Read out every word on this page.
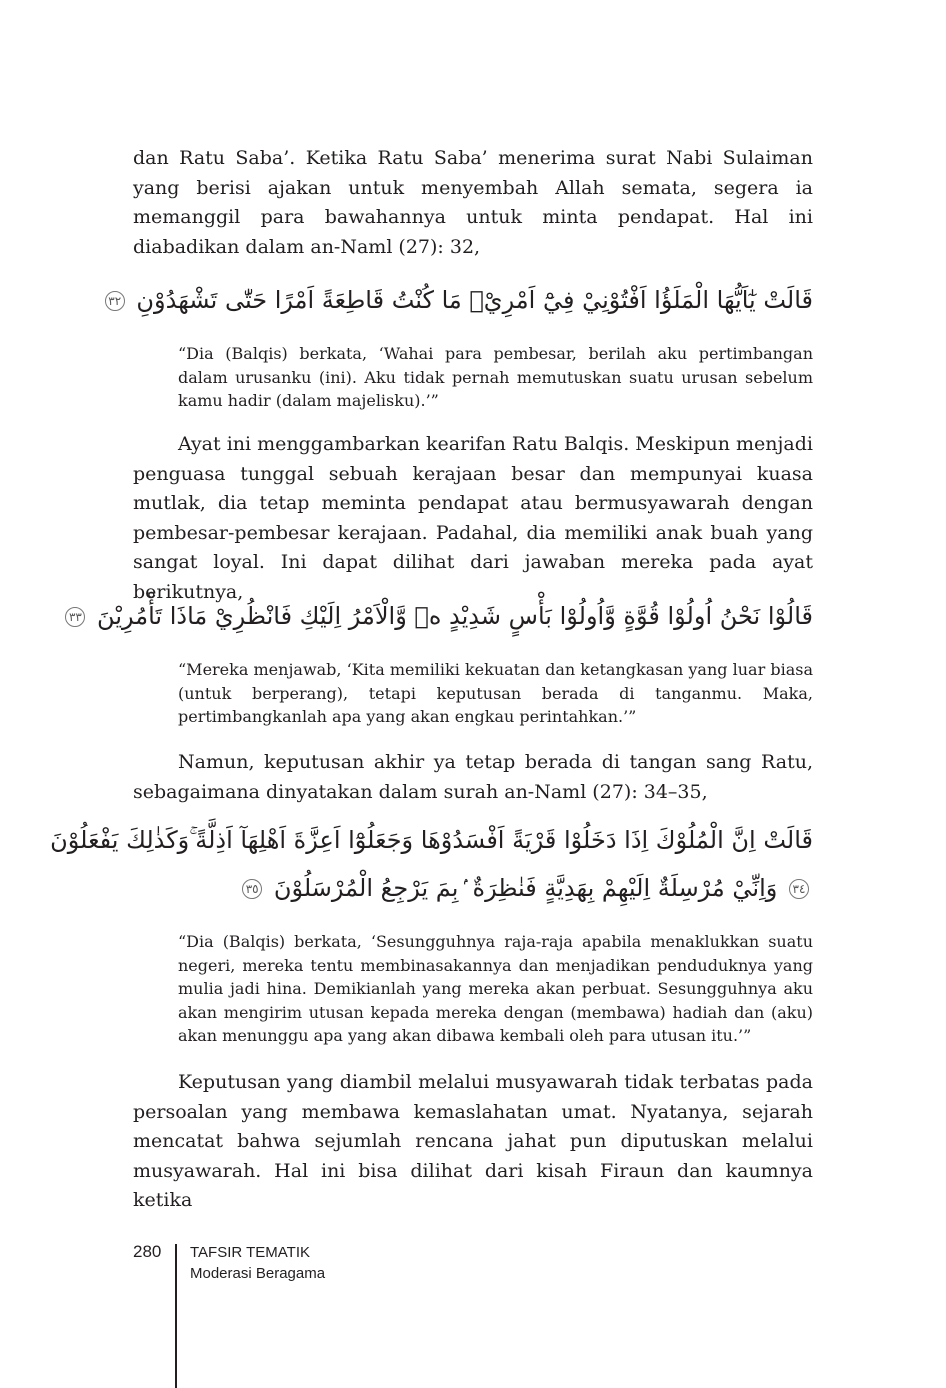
dan Ratu Saba’. Ketika Ratu Saba’ menerima surat Nabi Sulaiman yang berisi ajakan untuk menyembah Allah semata, segera ia memanggil para bawahannya untuk minta pendapat. Hal ini diabadikan dalam an-Naml (27): 32,

قَالَتْ يٰٓاَيُّهَا الْمَلَؤُا اَفْتُوْنِيْ فِيْٓ اَمْرِيْۚ مَا كُنْتُ قَاطِعَةً اَمْرًا حَتّٰى تَشْهَدُوْنِ ٣٢

“Dia (Balqis) berkata, ‘Wahai para pembesar, berilah aku pertimbangan dalam urusanku (ini). Aku tidak pernah memutuskan suatu urusan sebelum kamu hadir (dalam majelisku).’”

Ayat ini menggambarkan kearifan Ratu Balqis. Meskipun menjadi penguasa tunggal sebuah kerajaan besar dan mempunyai kuasa mutlak, dia tetap meminta pendapat atau bermusyawarah dengan pembesar-pembesar kerajaan. Padahal, dia memiliki anak buah yang sangat loyal. Ini dapat dilihat dari jawaban mereka pada ayat berikutnya,

قَالُوْا نَحْنُ اُولُوْا قُوَّةٍ وَّاُولُوْا بَأْسٍ شَدِيْدٍ ەۙ وَّالْاَمْرُ اِلَيْكِ فَانْظُرِيْ مَاذَا تَأْمُرِيْنَ ٣٣

“Mereka menjawab, ‘Kita memiliki kekuatan dan ketangkasan yang luar biasa (untuk berperang), tetapi keputusan berada di tanganmu. Maka, pertimbangkanlah apa yang akan engkau perintahkan.’”

Namun, keputusan akhir ya tetap berada di tangan sang Ratu, sebagaimana dinyatakan dalam surah an-Naml (27): 34–35,

قَالَتْ اِنَّ الْمُلُوْكَ اِذَا دَخَلُوْا قَرْيَةً اَفْسَدُوْهَا وَجَعَلُوْٓا اَعِزَّةَ اَهْلِهَآ اَذِلَّةً ۚوَكَذٰلِكَ يَفْعَلُوْنَ
٣٤ وَاِنِّيْ مُرْسِلَةٌ اِلَيْهِمْ بِهَدِيَّةٍ فَنٰظِرَةٌ ۢبِمَ يَرْجِعُ الْمُرْسَلُوْنَ ٣٥

“Dia (Balqis) berkata, ‘Sesungguhnya raja-raja apabila menaklukkan suatu negeri, mereka tentu membinasakannya dan menjadikan penduduknya yang mulia jadi hina. Demikianlah yang mereka akan perbuat. Sesungguhnya aku akan mengirim utusan kepada mereka dengan (membawa) hadiah dan (aku) akan menunggu apa yang akan dibawa kembali oleh para utusan itu.’”

Keputusan yang diambil melalui musyawarah tidak terbatas pada persoalan yang membawa kemaslahatan umat. Nyatanya, sejarah mencatat bahwa sejumlah rencana jahat pun diputuskan melalui musyawarah. Hal ini bisa dilihat dari kisah Firaun dan kaumnya ketika

280 TAFSIR TEMATIK
Moderasi Beragama
